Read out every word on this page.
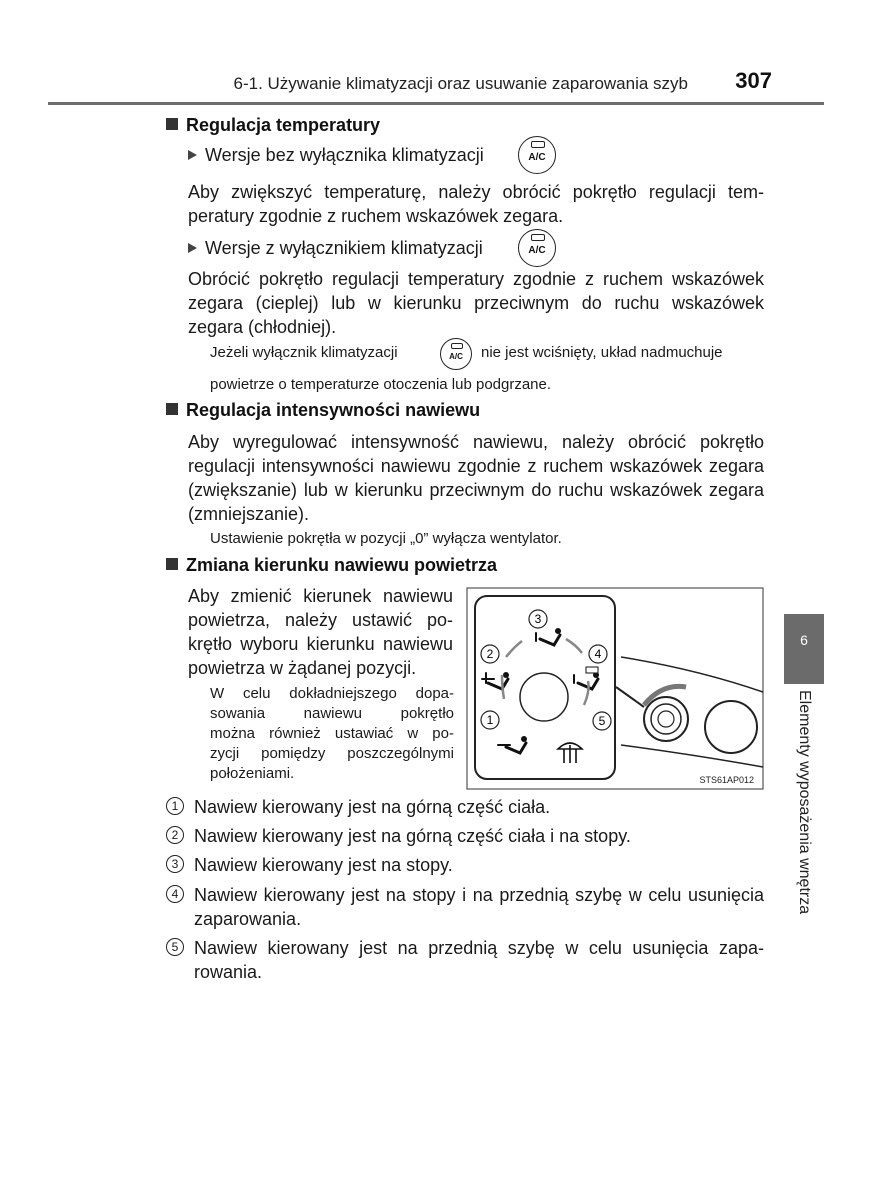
6-1. Używanie klimatyzacji oraz usuwanie zaparowania szyb 307
6
Elementy wyposażenia wnętrza
Regulacja temperatury
Wersje bez wyłącznika klimatyzacji	A/C
Aby zwiększyć temperaturę, należy obrócić pokrętło regulacji tem-
peratury zgodnie z ruchem wskazówek zegara.
Wersje z wyłącznikiem klimatyzacji	A/C
Obrócić pokrętło regulacji temperatury zgodnie z ruchem wskazówek
zegara (cieplej) lub w kierunku przeciwnym do ruchu wskazówek
zegara (chłodniej).
Jeżeli wyłącznik klimatyzacji	A/C	nie jest wciśnięty, układ nadmuchuje
powietrze o temperaturze otoczenia lub podgrzane.
Regulacja intensywności nawiewu
Aby wyregulować intensywność nawiewu, należy obrócić pokrętło
regulacji intensywności nawiewu zgodnie z ruchem wskazówek zegara
(zwiększanie) lub w kierunku przeciwnym do ruchu wskazówek zegara
(zmniejszanie).
Ustawienie pokrętła w pozycji „0” wyłącza wentylator.
Zmiana kierunku nawiewu powietrza
Aby zmienić kierunek nawiewu
powietrza, należy ustawić po-
krętło wyboru kierunku nawiewu
powietrza w żądanej pozycji.
W celu dokładniejszego dopa-
sowania nawiewu pokrętło
można również ustawiać w po-
zycji pomiędzy poszczególnymi
położeniami.
3
2	4
1	5
STS61AP012
1 Nawiew kierowany jest na górną część ciała.
2 Nawiew kierowany jest na górną część ciała i na stopy.
3 Nawiew kierowany jest na stopy.
4 Nawiew kierowany jest na stopy i na przednią szybę w celu usunięcia
zaparowania.
5 Nawiew kierowany jest na przednią szybę w celu usunięcia zapa-
rowania.
